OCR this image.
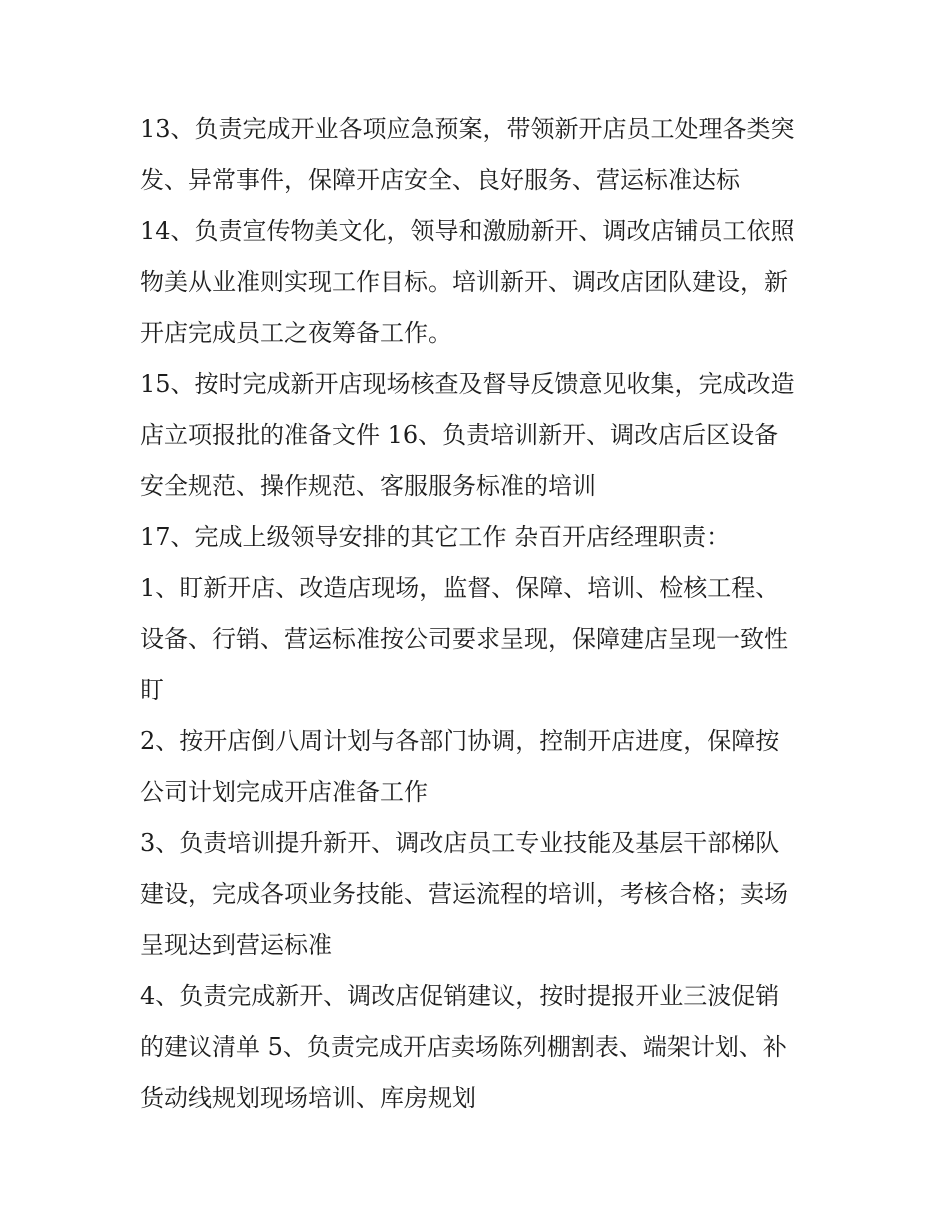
13、负责完成开业各项应急预案，带领新开店员工处理各类突
发、异常事件，保障开店安全、良好服务、营运标准达标
14、负责宣传物美文化，领导和激励新开、调改店铺员工依照
物美从业准则实现工作目标。培训新开、调改店团队建设，新
开店完成员工之夜筹备工作。
15、按时完成新开店现场核查及督导反馈意见收集，完成改造
店立项报批的准备文件 16、负责培训新开、调改店后区设备
安全规范、操作规范、客服服务标准的培训
17、完成上级领导安排的其它工作 杂百开店经理职责：
1、盯新开店、改造店现场，监督、保障、培训、检核工程、
设备、行销、营运标准按公司要求呈现，保障建店呈现一致性
盯
2、按开店倒八周计划与各部门协调，控制开店进度，保障按
公司计划完成开店准备工作
3、负责培训提升新开、调改店员工专业技能及基层干部梯队
建设，完成各项业务技能、营运流程的培训，考核合格；卖场
呈现达到营运标准
4、负责完成新开、调改店促销建议，按时提报开业三波促销
的建议清单 5、负责完成开店卖场陈列棚割表、端架计划、补
货动线规划现场培训、库房规划
